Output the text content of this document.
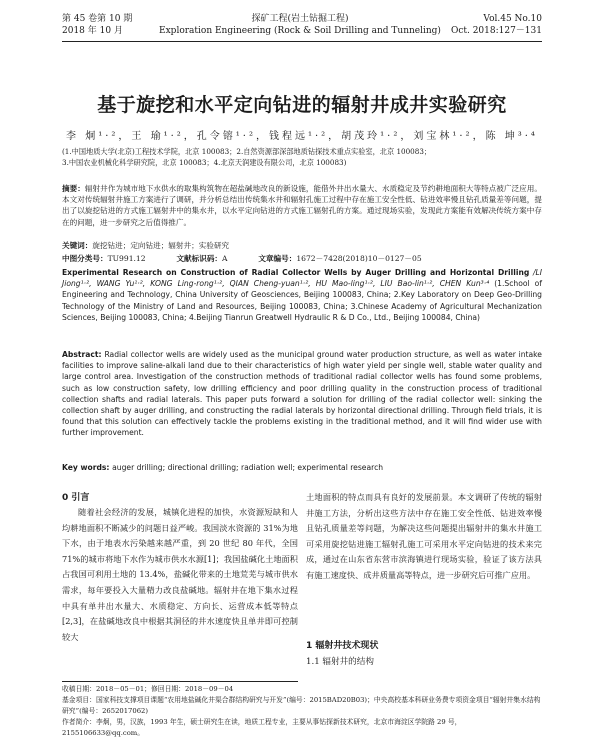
第 45 卷第 10 期
2018 年 10 月
探矿工程(岩土钻掘工程)
Exploration Engineering (Rock & Soil Drilling and Tunneling)
Vol.45 No.10
Oct. 2018:127－131
基于旋挖和水平定向钻进的辐射井成井实验研究
李 炯¹·²，王 瑜¹·²，孔令镕¹·²，钱程远¹·²，胡茂玲¹·²，刘宝林¹·²，陈 坤³·⁴
(1.中国地质大学(北京)工程技术学院，北京 100083；2.自然资源部深部地质钻探技术重点实验室，北京 100083；
3.中国农业机械化科学研究院，北京 100083；4.北京天润建设有限公司，北京 100083)
摘要：辐射井作为城市地下水供水的取集构筑物在超盐碱地改良的新设施，能借外井出水量大、水质稳定及节约耕地面积大等特点被广泛应用。本文对传统辐射井施工方案进行了调研，并分析总结出传统集水井和辐射孔施工过程中存在施工安全性低、钻进效率慢且钻孔质量差等问题，提出了以旋挖钻进的方式施工辐射井中的集水井，以水平定向钻进的方式施工辐射孔的方案。通过现场实验，发现此方案能有效解决传统方案中存在的问题，进一步研究之后值得推广。
关键词：旋挖钻进；定向钻进；辐射井；实验研究
中图分类号：TU991.12	文献标识码：A	文章编号：1672－7428(2018)10－0127－05
Experimental Research on Construction of Radial Collector Wells by Auger Drilling and Horizontal Drilling /LI Jiong¹·², WANG Yu¹·², KONG Ling-rong¹·², QIAN Cheng-yuan¹·², HU Mao-ling¹·², LIU Bao-lin¹·², CHEN Kun³·⁴ (1.School of Engineering and Technology, China University of Geosciences, Beijing 100083, China; 2.Key Laboratory on Deep Geo-Drilling Technology of the Ministry of Land and Resources, Beijing 100083, China; 3.Chinese Academy of Agricultural Mechanization Sciences, Beijing 100083, China; 4.Beijing Tianrun Greatwell Hydraulic R & D Co., Ltd., Beijing 100084, China)
Abstract: Radial collector wells are widely used as the municipal ground water production structure, as well as water intake facilities to improve saline-alkali land due to their characteristics of high water yield per single well, stable water quality and large control area. Investigation of the construction methods of traditional radial collector wells has found some problems, such as low construction safety, low drilling efficiency and poor drilling quality in the construction process of traditional collection shafts and radial laterals. This paper puts forward a solution for drilling of the radial collector well: sinking the collection shaft by auger drilling, and constructing the radial laterals by horizontal directional drilling. Through field trials, it is found that this solution can effectively tackle the problems existing in the traditional method, and it will find wider use with further improvement.
Key words: auger drilling; directional drilling; radiation well; experimental research
0 引言
随着社会经济的发展，城镇化进程的加快，水资源短缺和人均耕地面积不断减少的问题日益严峻。我国淡水资源的 31%为地下水，由于地表水污染越来越严重，到 20 世纪 80 年代，全国 71%的城市将地下水作为城市供水水源[1]；我国盐碱化土地面积占我国可利用土地的 13.4%，盐碱化带来的土地荒芜与城市供水需求，每年要投入大量精力改良盐碱地。辐射井在地下集水过程中具有单井出水量大、水质稳定、方向长、运营成本低等特点[2,3]，在盐碱地改良中根据其洞径的井水速度快且单井即可控制较大
土地面积的特点而具有良好的发展前景。本文调研了传统的辐射井施工方法，分析出这些方法中存在施工安全性低、钻进效率慢且钻孔质量差等问题，为解决这些问题提出辐射井的集水井施工可采用旋挖钻进施工辐射孔施工可采用水平定向钻进的技术来完成，通过在山东省东营市滨海镇进行现场实验，验证了该方法具有施工速度快、成井质量高等特点，进一步研究后可推广应用。
1 辐射井技术现状
1.1 辐射井的结构
收稿日期：2018－05－01；修回日期：2018－09－04
基金项目：国家科技支撑项目课题“农用地盐碱化井渠合群结构研究与开发”(编号：2015BAD20B03)；中央高校基本科研业务费专项资金项目“辐射井集水结构研究”(编号：2652017062)
作者简介：李炯，男，汉族，1993 年生，硕士研究生在读，地质工程专业，主要从事钻探新技术研究，北京市海淀区学院路 29 号，2155106633@qq.com。
